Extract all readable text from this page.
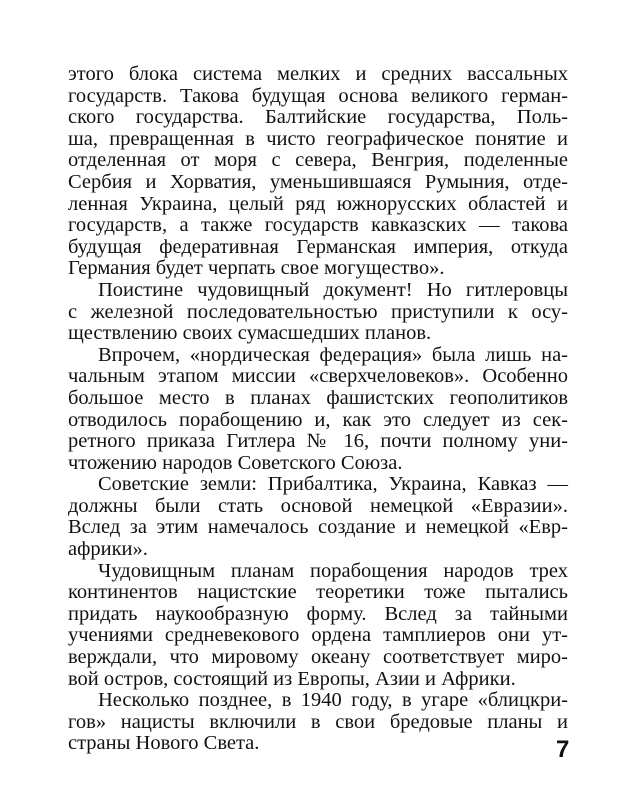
этого блока система мелких и средних вассальных
государств. Такова будущая основа великого герман-
ского государства. Балтийские государства, Поль-
ша, превращенная в чисто географическое понятие и
отделенная от моря с севера, Венгрия, поделенные
Сербия и Хорватия, уменьшившаяся Румыния, отде-
ленная Украина, целый ряд южнорусских областей и
государств, а также государств кавказских — такова
будущая федеративная Германская империя, откуда
Германия будет черпать свое могущество».
Поистине чудовищный документ! Но гитлеровцы
с железной последовательностью приступили к осу-
ществлению своих сумасшедших планов.
Впрочем, «нордическая федерация» была лишь на-
чальным этапом миссии «сверхчеловеков». Особенно
большое место в планах фашистских геополитиков
отводилось порабощению и, как это следует из сек-
ретного приказа Гитлера № 16, почти полному уни-
чтожению народов Советского Союза.
Советские земли: Прибалтика, Украина, Кавказ —
должны были стать основой немецкой «Евразии».
Вслед за этим намечалось создание и немецкой «Евр-
африки».
Чудовищным планам порабощения народов трех
континентов нацистские теоретики тоже пытались
придать наукообразную форму. Вслед за тайными
учениями средневекового ордена тамплиеров они ут-
верждали, что мировому океану соответствует миро-
вой остров, состоящий из Европы, Азии и Африки.
Несколько позднее, в 1940 году, в угаре «блицкри-
гов» нацисты включили в свои бредовые планы и
страны Нового Света.	7
